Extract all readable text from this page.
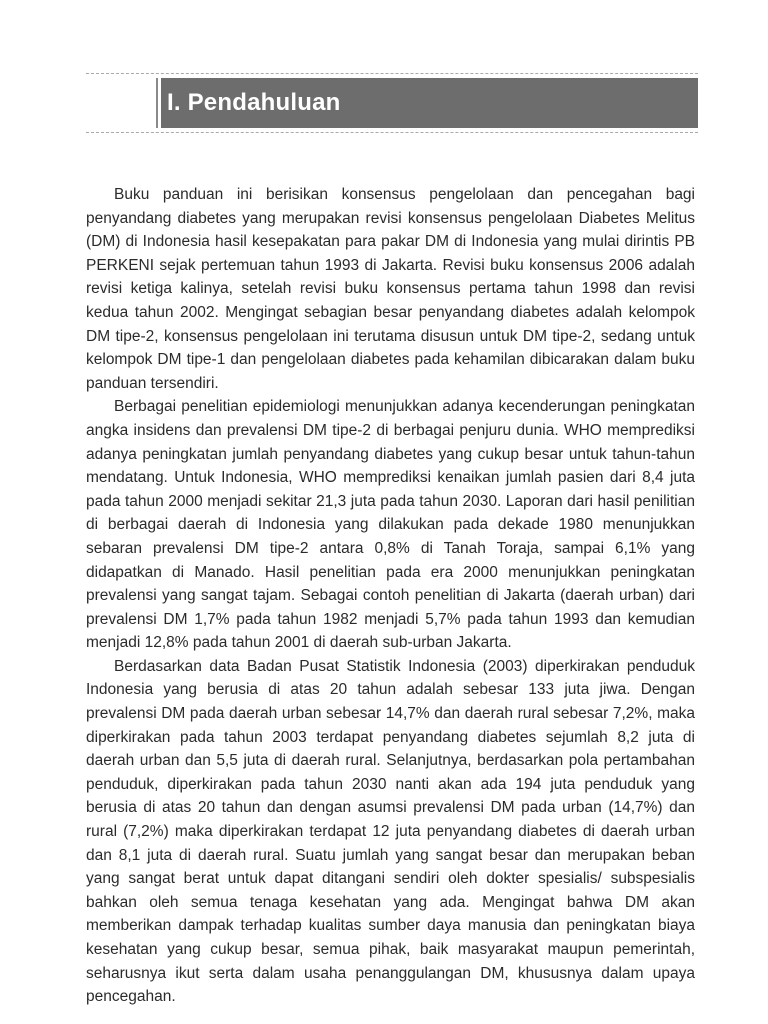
I. Pendahuluan

Buku panduan ini berisikan konsensus pengelolaan dan pencegahan bagi penyandang diabetes yang merupakan revisi konsensus pengelolaan Diabetes Melitus (DM) di Indonesia hasil kesepakatan para pakar DM di Indonesia yang mulai dirintis PB PERKENI sejak pertemuan tahun 1993 di Jakarta. Revisi buku konsensus 2006 adalah revisi ketiga kalinya, setelah revisi buku konsensus pertama tahun 1998 dan revisi kedua tahun 2002. Mengingat sebagian besar penyandang diabetes adalah kelompok DM tipe-2, konsensus pengelolaan ini terutama disusun untuk DM tipe-2, sedang untuk kelompok DM tipe-1 dan pengelolaan diabetes pada kehamilan dibicarakan dalam buku panduan tersendiri.

Berbagai penelitian epidemiologi menunjukkan adanya kecenderungan peningkatan angka insidens dan prevalensi DM tipe-2 di berbagai penjuru dunia. WHO memprediksi adanya peningkatan jumlah penyandang diabetes yang cukup besar untuk tahun-tahun mendatang. Untuk Indonesia, WHO memprediksi kenaikan jumlah pasien dari 8,4 juta pada tahun 2000 menjadi sekitar 21,3 juta pada tahun 2030. Laporan dari hasil penilitian di berbagai daerah di Indonesia yang dilakukan pada dekade 1980 menunjukkan sebaran prevalensi DM tipe-2 antara 0,8% di Tanah Toraja, sampai 6,1% yang didapatkan di Manado. Hasil penelitian pada era 2000 menunjukkan peningkatan prevalensi yang sangat tajam. Sebagai contoh penelitian di Jakarta (daerah urban) dari prevalensi DM 1,7% pada tahun 1982 menjadi 5,7% pada tahun 1993 dan kemudian menjadi 12,8% pada tahun 2001 di daerah sub-urban Jakarta.

Berdasarkan data Badan Pusat Statistik Indonesia (2003) diperkirakan penduduk Indonesia yang berusia di atas 20 tahun adalah sebesar 133 juta jiwa. Dengan prevalensi DM pada daerah urban sebesar 14,7% dan daerah rural sebesar 7,2%, maka diperkirakan pada tahun 2003 terdapat penyandang diabetes sejumlah 8,2 juta di daerah urban dan 5,5 juta di daerah rural. Selanjutnya, berdasarkan pola pertambahan penduduk, diperkirakan pada tahun 2030 nanti akan ada 194 juta penduduk yang berusia di atas 20 tahun dan dengan asumsi prevalensi DM pada urban (14,7%) dan rural (7,2%) maka diperkirakan terdapat 12 juta penyandang diabetes di daerah urban dan 8,1 juta di daerah rural. Suatu jumlah yang sangat besar dan merupakan beban yang sangat berat untuk dapat ditangani sendiri oleh dokter spesialis/ subspesialis bahkan oleh semua tenaga kesehatan yang ada. Mengingat bahwa DM akan memberikan dampak terhadap kualitas sumber daya manusia dan peningkatan biaya kesehatan yang cukup besar, semua pihak, baik masyarakat maupun pemerintah, seharusnya ikut serta dalam usaha penanggulangan DM, khususnya dalam upaya pencegahan.
